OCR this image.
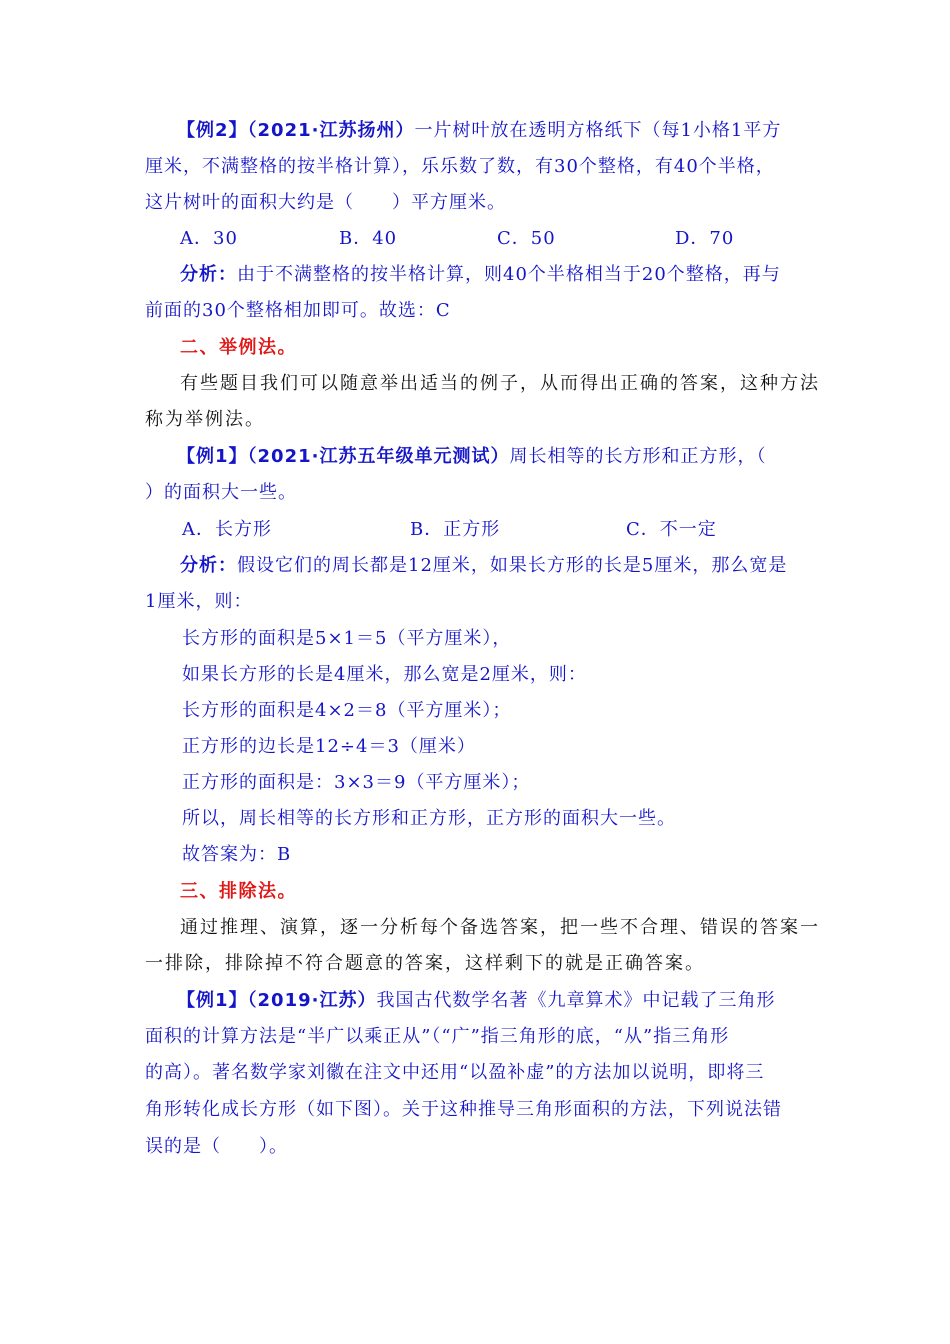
【例2】（2021·江苏扬州）一片树叶放在透明方格纸下（每1小格1平方
厘米，不满整格的按半格计算），乐乐数了数，有30个整格，有40个半格，
这片树叶的面积大约是（　　）平方厘米。
A．30	B．40	C．50	D．70
分析：由于不满整格的按半格计算，则40个半格相当于20个整格，再与
前面的30个整格相加即可。故选：C
二、举例法。
有些题目我们可以随意举出适当的例子，从而得出正确的答案，这种方法
称为举例法。
【例1】（2021·江苏五年级单元测试）周长相等的长方形和正方形，（
）的面积大一些。
A．长方形	B．正方形	C．不一定
分析：假设它们的周长都是12厘米，如果长方形的长是5厘米，那么宽是
1厘米，则：
长方形的面积是5×1＝5（平方厘米），
如果长方形的长是4厘米，那么宽是2厘米，则：
长方形的面积是4×2＝8（平方厘米）；
正方形的边长是12÷4＝3（厘米）
正方形的面积是：3×3＝9（平方厘米）；
所以，周长相等的长方形和正方形，正方形的面积大一些。
故答案为：B
三、排除法。
通过推理、演算，逐一分析每个备选答案，把一些不合理、错误的答案一
一排除，排除掉不符合题意的答案，这样剩下的就是正确答案。
【例1】（2019·江苏）我国古代数学名著《九章算术》中记载了三角形
面积的计算方法是“半广以乘正从”（“广”指三角形的底，“从”指三角形
的高）。著名数学家刘徽在注文中还用“以盈补虚”的方法加以说明，即将三
角形转化成长方形（如下图）。关于这种推导三角形面积的方法，下列说法错
误的是（　　）。
